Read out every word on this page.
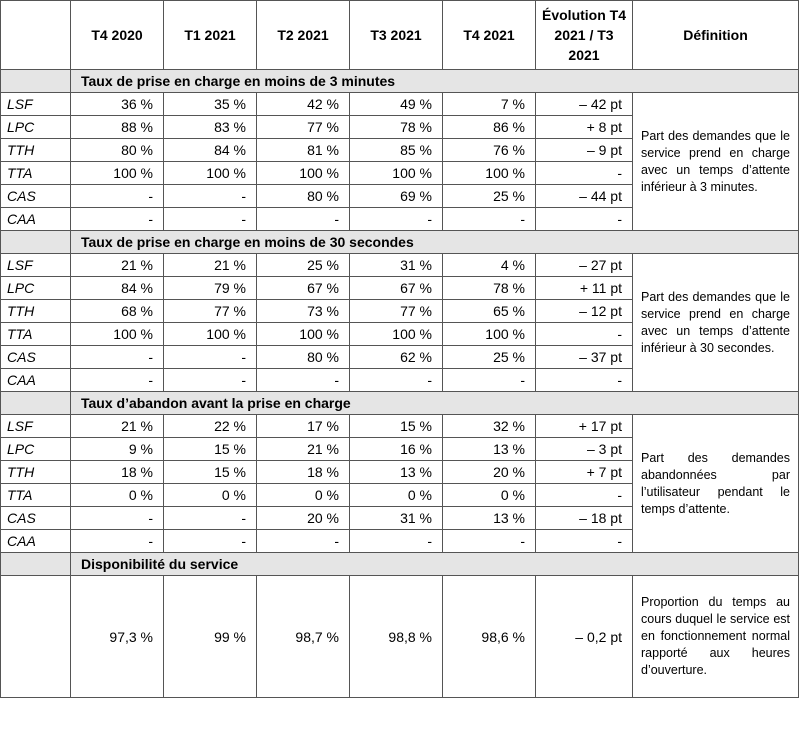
	T4 2020	T1 2021	T2 2021	T3 2021	T4 2021	Évolution T4 2021 / T3 2021	Définition
	Taux de prise en charge en moins de 3 minutes						
LSF	36 %	35 %	42 %	49 %	7 %	– 42 pt	Part des demandes que le service prend en charge avec un temps d’attente inférieur à 3 minutes.
LPC	88 %	83 %	77 %	78 %	86 %	+ 8 pt	
TTH	80 %	84 %	81 %	85 %	76 %	– 9 pt	
TTA	100 %	100 %	100 %	100 %	100 %	-	
CAS	-	-	80 %	69 %	25 %	– 44 pt	
CAA	-	-	-	-	-	-	
	Taux de prise en charge en moins de 30 secondes						
LSF	21 %	21 %	25 %	31 %	4 %	– 27 pt	Part des demandes que le service prend en charge avec un temps d’attente inférieur à 30 secondes.
LPC	84 %	79 %	67 %	67 %	78 %	+ 11 pt	
TTH	68 %	77 %	73 %	77 %	65 %	– 12 pt	
TTA	100 %	100 %	100 %	100 %	100 %	-	
CAS	-	-	80 %	62 %	25 %	– 37 pt	
CAA	-	-	-	-	-	-	
	Taux d’abandon avant la prise en charge						
LSF	21 %	22 %	17 %	15 %	32 %	+ 17 pt	Part des demandes abandonnées par l’utilisateur pendant le temps d’attente.
LPC	9 %	15 %	21 %	16 %	13 %	– 3 pt	
TTH	18 %	15 %	18 %	13 %	20 %	+ 7 pt	
TTA	0 %	0 %	0 %	0 %	0 %	-	
CAS	-	-	20 %	31 %	13 %	– 18 pt	
CAA	-	-	-	-	-	-	
	Disponibilité du service						
	97,3 %	99 %	98,7 %	98,8 %	98,6 %	– 0,2 pt	Proportion du temps au cours duquel le service est en fonctionnement normal rapporté aux heures d’ouverture.
